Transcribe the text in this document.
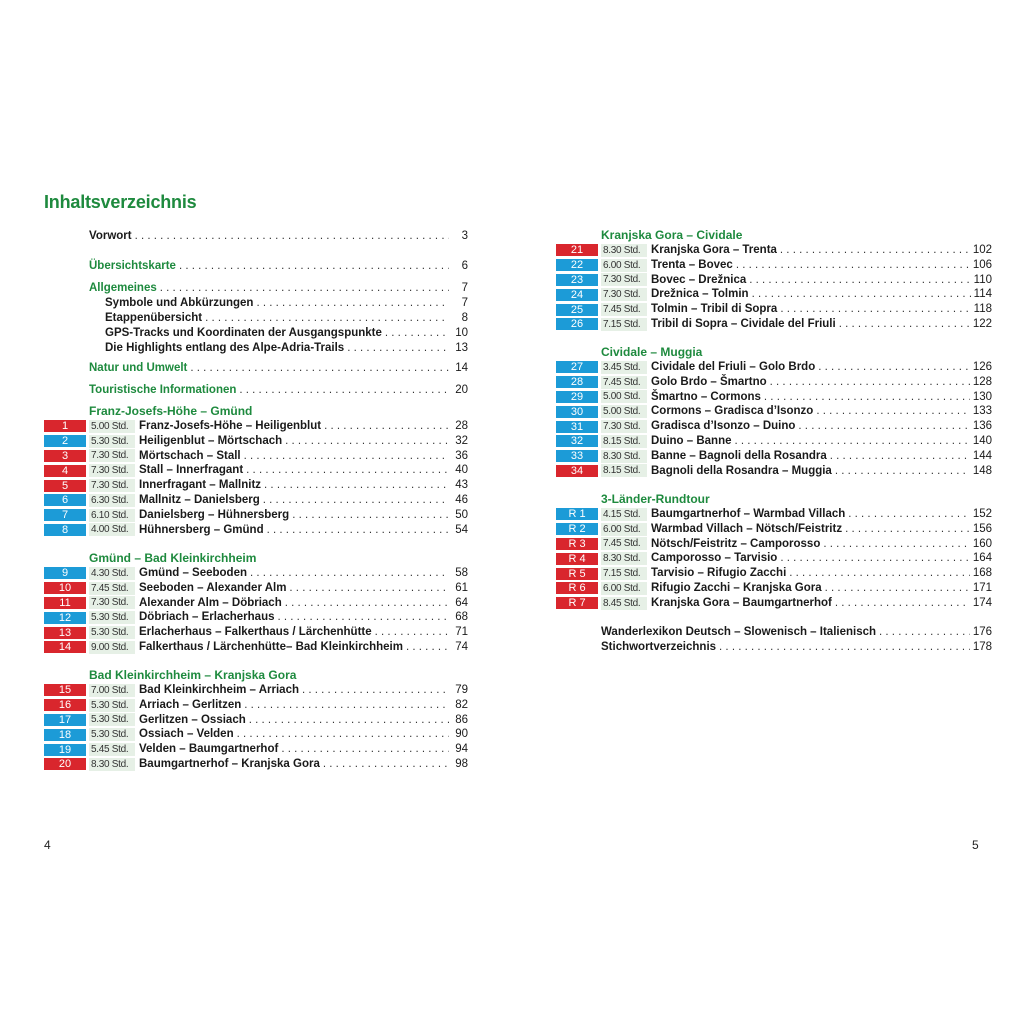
Inhaltsverzeichnis
Vorwort . . .	3
Übersichtskarte . . .	6
Allgemeines . . .	7
Symbole und Abkürzungen . . .	7
Etappenübersicht . . .	8
GPS-Tracks und Koordinaten der Ausgangspunkte . . .	10
Die Highlights entlang des Alpe-Adria-Trails . . .	13
Natur und Umwelt . . .	14
Touristische Informationen . . .	20
Franz-Josefs-Höhe – Gmünd
1	5.00 Std. Franz-Josefs-Höhe – Heiligenblut . . .	28
2	5.30 Std. Heiligenblut – Mörtschach . . .	32
3	7.30 Std. Mörtschach – Stall . . .	36
4	7.30 Std. Stall – Innerfragant . . .	40
5	7.30 Std. Innerfragant – Mallnitz . . .	43
6	6.30 Std. Mallnitz – Danielsberg . . .	46
7	6.10 Std. Danielsberg – Hühnersberg . . .	50
8	4.00 Std. Hühnersberg – Gmünd . . .	54
Gmünd – Bad Kleinkirchheim
9	4.30 Std. Gmünd – Seeboden . . .	58
10	7.45 Std. Seeboden – Alexander Alm . . .	61
11	7.30 Std. Alexander Alm – Döbriach . . .	64
12	5.30 Std. Döbriach – Erlacherhaus . . .	68
13	5.30 Std. Erlacherhaus – Falkerthaus / Lärchenhütte . . .	71
14	9.00 Std. Falkerthaus / Lärchenhütte– Bad Kleinkirchheim . . .	74
Bad Kleinkirchheim – Kranjska Gora
15	7.00 Std. Bad Kleinkirchheim – Arriach . . .	79
16	5.30 Std. Arriach – Gerlitzen . . .	82
17	5.30 Std. Gerlitzen – Ossiach . . .	86
18	5.30 Std. Ossiach – Velden . . .	90
19	5.45 Std. Velden – Baumgartnerhof . . .	94
20	8.30 Std. Baumgartnerhof – Kranjska Gora . . .	98
4
Kranjska Gora – Cividale
21	8.30 Std. Kranjska Gora – Trenta . . .	102
22	6.00 Std. Trenta – Bovec . . .	106
23	7.30 Std. Bovec – Drežnica . . .	110
24	7.30 Std. Drežnica – Tolmin . . .	114
25	7.45 Std. Tolmin – Tribil di Sopra . . .	118
26	7.15 Std. Tribil di Sopra – Cividale del Friuli . . .	122
Cividale – Muggia
27	3.45 Std. Cividale del Friuli – Golo Brdo . . .	126
28	7.45 Std. Golo Brdo – Šmartno . . .	128
29	5.00 Std. Šmartno – Cormons . . .	130
30	5.00 Std. Cormons – Gradisca d’Isonzo . . .	133
31	7.30 Std. Gradisca d’Isonzo – Duino . . .	136
32	8.15 Std. Duino – Banne . . .	140
33	8.30 Std. Banne – Bagnoli della Rosandra . . .	144
34	8.15 Std. Bagnoli della Rosandra – Muggia . . .	148
3-Länder-Rundtour
R 1	4.15 Std. Baumgartnerhof – Warmbad Villach . . .	152
R 2	6.00 Std. Warmbad Villach – Nötsch/Feistritz . . .	156
R 3	7.45 Std. Nötsch/Feistritz – Camporosso . . .	160
R 4	8.30 Std. Camporosso – Tarvisio . . .	164
R 5	7.15 Std. Tarvisio – Rifugio Zacchi . . .	168
R 6	6.00 Std. Rifugio Zacchi – Kranjska Gora . . .	171
R 7	8.45 Std. Kranjska Gora – Baumgartnerhof . . .	174
Wanderlexikon Deutsch – Slowenisch – Italienisch . . .	176
Stichwortverzeichnis . . .	178
5
